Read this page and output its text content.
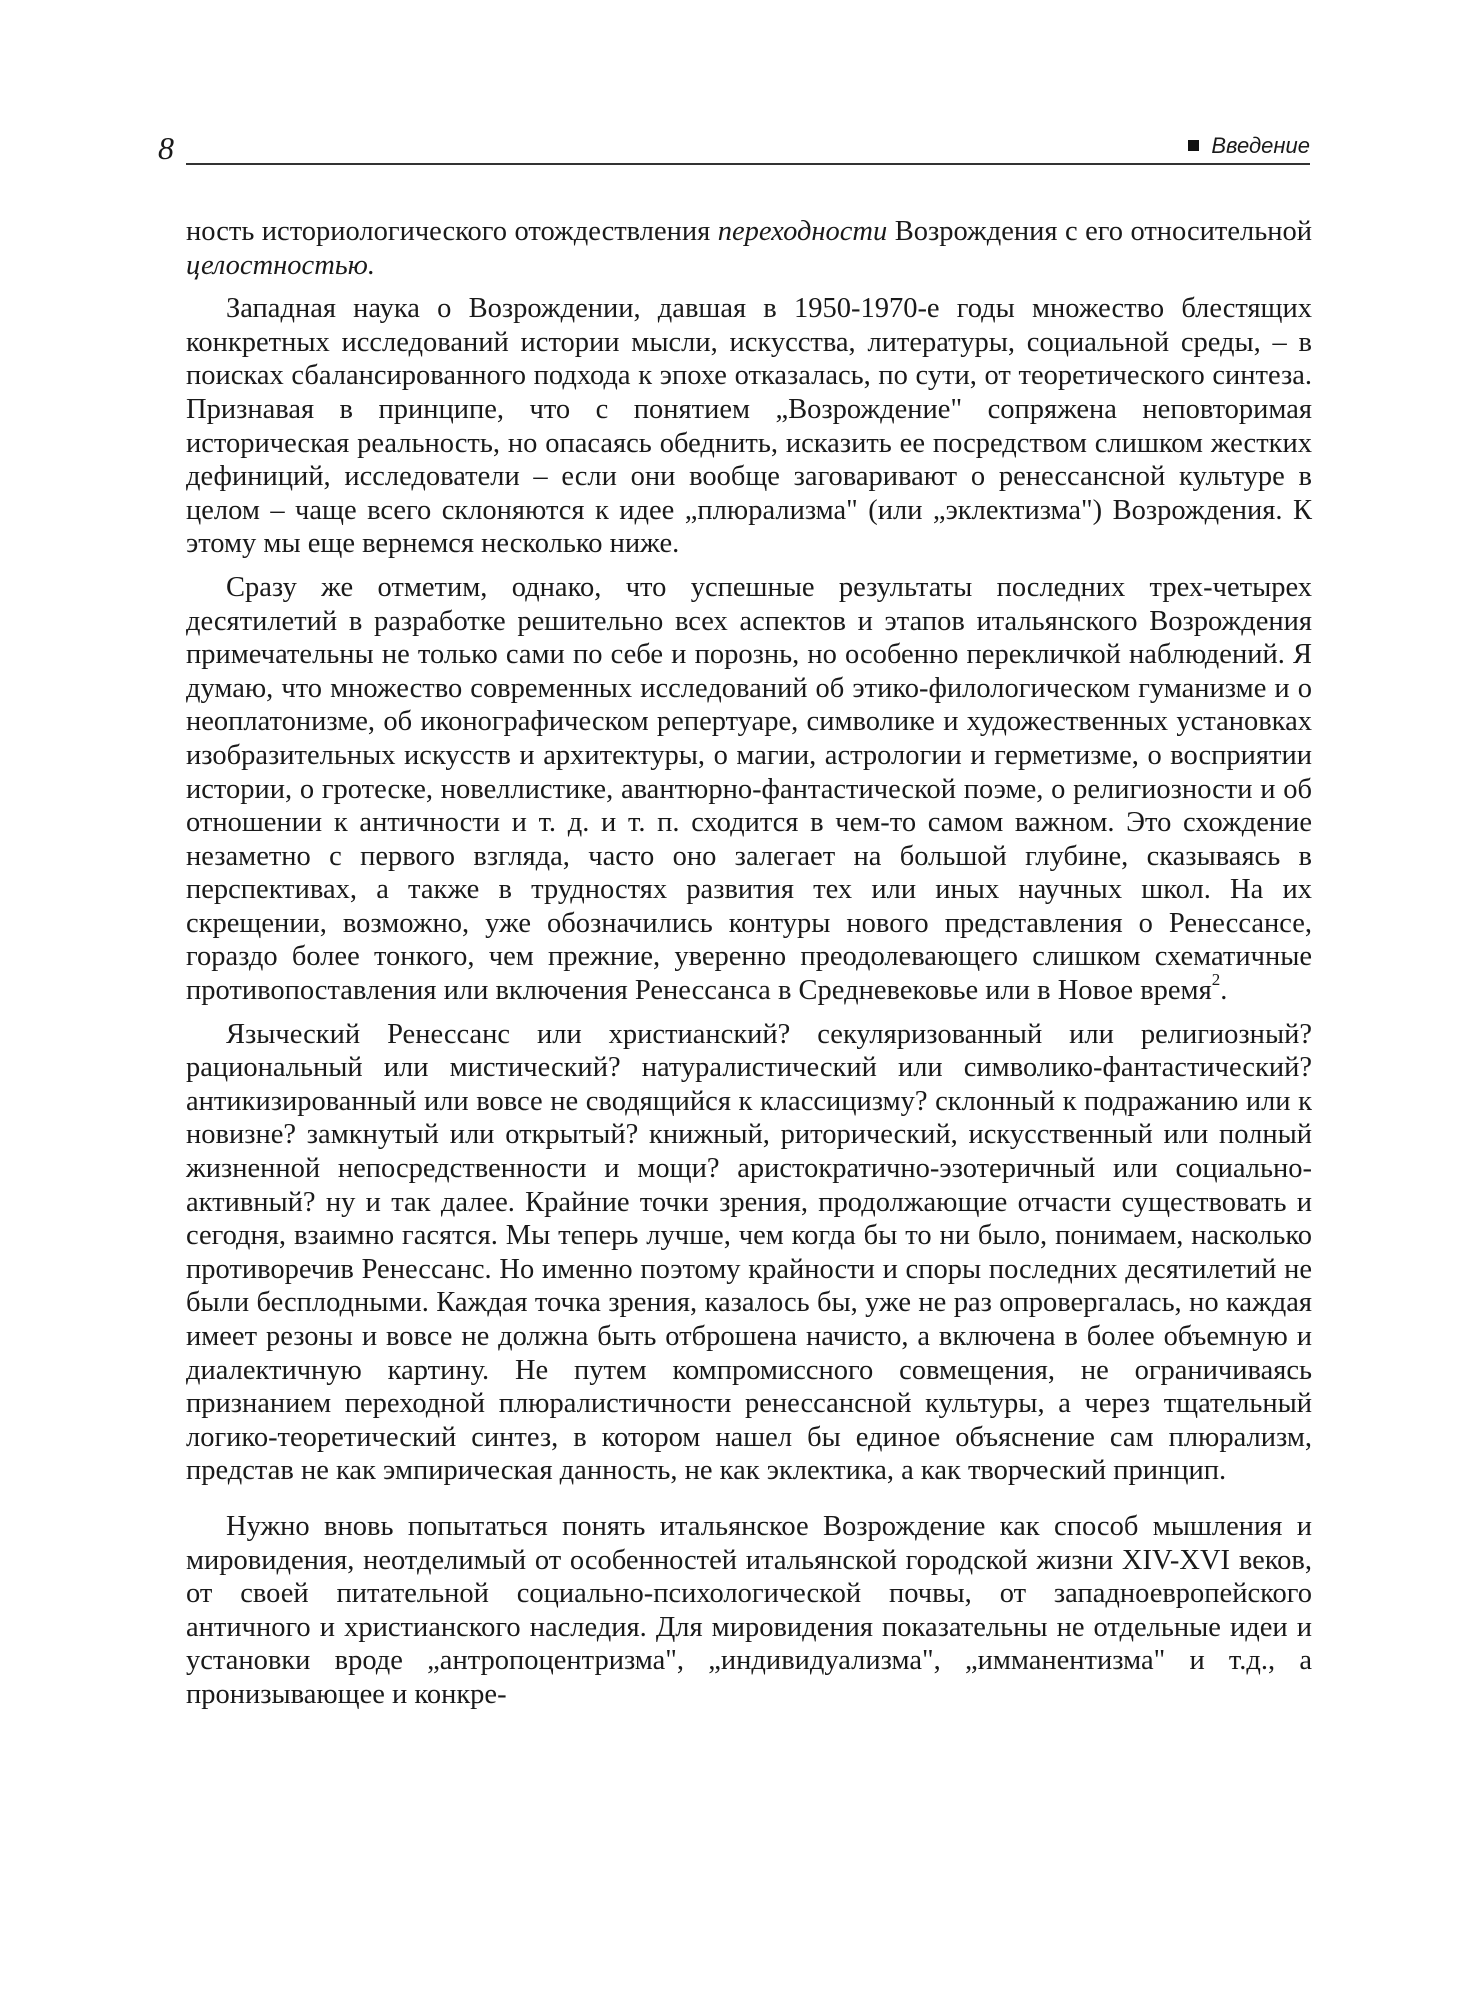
8	Введение

ность историологического отождествления переходности Возрождения с его относительной целостностью.

Западная наука о Возрождении, давшая в 1950-1970-е годы множество блестящих конкретных исследований истории мысли, искусства, литературы, социальной среды, – в поисках сбалансированного подхода к эпохе отказалась, по сути, от теоретического синтеза. Признавая в принципе, что с понятием „Возрождение" сопряжена неповторимая историческая реальность, но опасаясь обеднить, исказить ее посредством слишком жестких дефиниций, исследователи – если они вообще заговаривают о ренессансной культуре в целом – чаще всего склоняются к идее „плюрализма" (или „эклектизма") Возрождения. К этому мы еще вернемся несколько ниже.

Сразу же отметим, однако, что успешные результаты последних трех-четырех десятилетий в разработке решительно всех аспектов и этапов итальянского Возрождения примечательны не только сами по себе и порознь, но особенно перекличкой наблюдений. Я думаю, что множество современных исследований об этико-филологическом гуманизме и о неоплатонизме, об иконографическом репертуаре, символике и художественных установках изобразительных искусств и архитектуры, о магии, астрологии и герметизме, о восприятии истории, о гротеске, новеллистике, авантюрно-фантастической поэме, о религиозности и об отношении к античности и т. д. и т. п. сходится в чем-то самом важном. Это схождение незаметно с первого взгляда, часто оно залегает на большой глубине, сказываясь в перспективах, а также в трудностях развития тех или иных научных школ. На их скрещении, возможно, уже обозначились контуры нового представления о Ренессансе, гораздо более тонкого, чем прежние, уверенно преодолевающего слишком схематичные противопоставления или включения Ренессанса в Средневековье или в Новое время$^2$.

Языческий Ренессанс или христианский? секуляризованный или религиозный? рациональный или мистический? натуралистический или символико-фантастический? антикизированный или вовсе не сводящийся к классицизму? склонный к подражанию или к новизне? замкнутый или открытый? книжный, риторический, искусственный или полный жизненной непосредственности и мощи? аристократично-эзотеричный или социально-активный? ну и так далее. Крайние точки зрения, продолжающие отчасти существовать и сегодня, взаимно гасятся. Мы теперь лучше, чем когда бы то ни было, понимаем, насколько противоречив Ренессанс. Но именно поэтому крайности и споры последних десятилетий не были бесплодными. Каждая точка зрения, казалось бы, уже не раз опровергалась, но каждая имеет резоны и вовсе не должна быть отброшена начисто, а включена в более объемную и диалектичную картину. Не путем компромиссного совмещения, не ограничиваясь признанием переходной плюралистичности ренессансной культуры, а через тщательный логико-теоретический синтез, в котором нашел бы единое объяснение сам плюрализм, представ не как эмпирическая данность, не как эклектика, а как творческий принцип.

Нужно вновь попытаться понять итальянское Возрождение как способ мышления и мировидения, неотделимый от особенностей итальянской городской жизни XIV-XVI веков, от своей питательной социально-психологической почвы, от западноевропейского античного и христианского наследия. Для мировидения показательны не отдельные идеи и установки вроде „антропоцентризма", „индивидуализма", „имманентизма" и т.д., а пронизывающее и конкре-
